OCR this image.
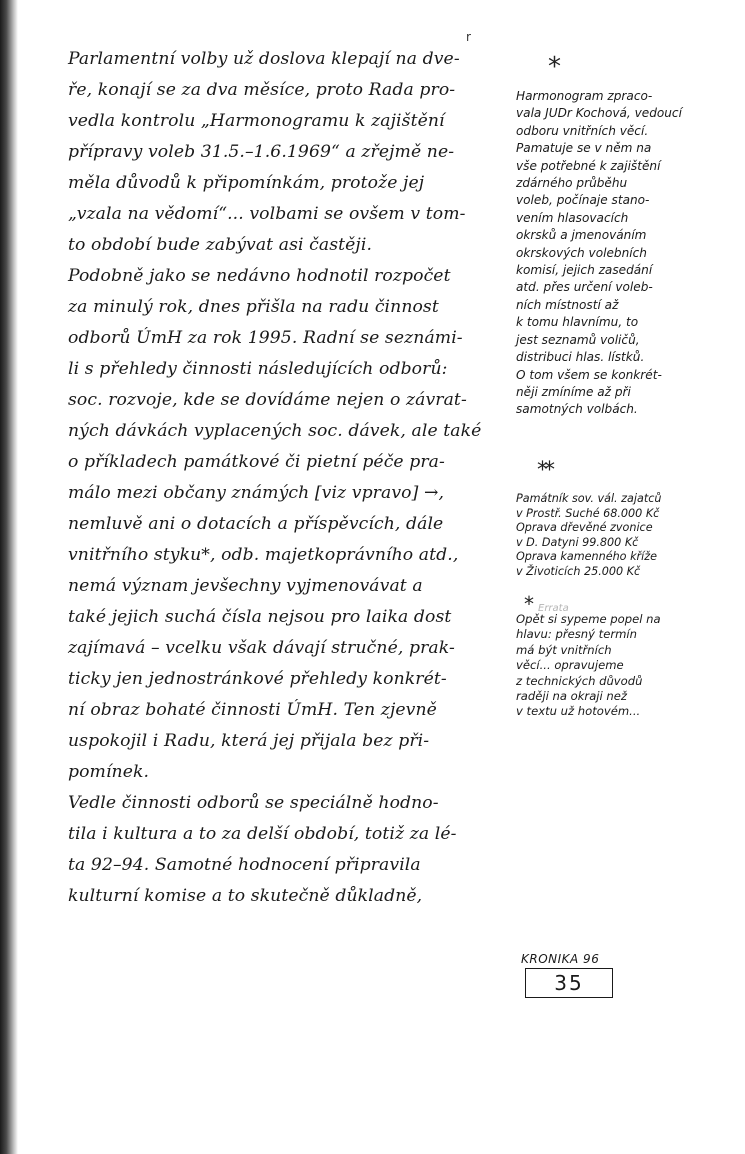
r
Parlamentní volby už doslova klepají na dve-
ře, konají se za dva měsíce, proto Rada pro-
vedla kontrolu „Harmonogramu k zajištění
přípravy voleb 31.5.–1.6.1969“ a zřejmě ne-
měla důvodů k připomínkám, protože jej
„vzala na vědomí“... volbami se ovšem v tom-
to období bude zabývat asi častěji.
Podobně jako se nedávno hodnotil rozpočet
za minulý rok, dnes přišla na radu činnost
odborů ÚmH za rok 1995. Radní se seznámi-
li s přehledy činnosti následujících odborů:
soc. rozvoje, kde se dovídáme nejen o závrat-
ných dávkách vyplacených soc. dávek, ale také
o příkladech památkové či pietní péče pra-
málo mezi občany známých [viz vpravo] →,
nemluvě ani o dotacích a příspěvcích, dále
vnitřního styku*, odb. majetkoprávního atd.,
nemá význam jevšechny vyjmenovávat a
také jejich suchá čísla nejsou pro laika dost
zajímavá – vcelku však dávají stručné, prak-
ticky jen jednostránkové přehledy konkrét-
ní obraz bohaté činnosti ÚmH. Ten zjevně
uspokojil i Radu, která jej přijala bez při-
pomínek.
Vedle činnosti odborů se speciálně hodno-
tila i kultura a to za delší období, totiž za lé-
ta 92–94. Samotné hodnocení připravila
kulturní komise a to skutečně důkladně,
*
Harmonogram zpraco-
vala JUDr Kochová, vedoucí
odboru vnitřních věcí.
Pamatuje se v něm na
vše potřebné k zajištění
zdárného průběhu
voleb, počínaje stano-
vením hlasovacích
okrsků a jmenováním
okrskových volebních
komisí, jejich zasedání
atd. přes určení voleb-
ních místností až
k tomu hlavnímu, to
jest seznamů voličů,
distribuci hlas. lístků.
O tom všem se konkrét-
něji zmíníme až při
samotných volbách.
**
Památník sov. vál. zajatců
v Prostř. Suché 68.000 Kč
Oprava dřevěné zvonice
v D. Datyni 99.800 Kč
Oprava kamenného kříže
v Životicích 25.000 Kč
* Errata
Opět si sypeme popel na
hlavu: přesný termín
má být vnitřních
věcí... opravujeme
z technických důvodů
raději na okraji než
v textu už hotovém...
KRONIKA 96
35
